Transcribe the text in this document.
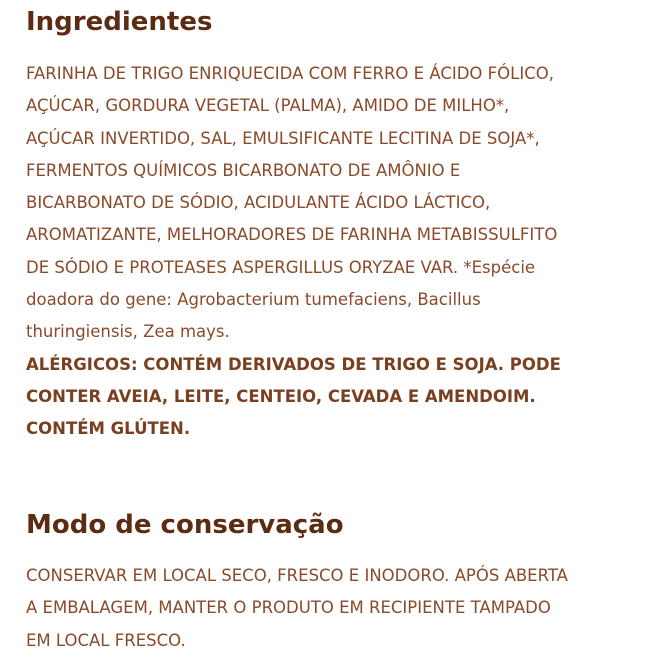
Ingredientes
FARINHA DE TRIGO ENRIQUECIDA COM FERRO E ÁCIDO FÓLICO,
AÇÚCAR, GORDURA VEGETAL (PALMA), AMIDO DE MILHO*,
AÇÚCAR INVERTIDO, SAL, EMULSIFICANTE LECITINA DE SOJA*,
FERMENTOS QUÍMICOS BICARBONATO DE AMÔNIO E
BICARBONATO DE SÓDIO, ACIDULANTE ÁCIDO LÁCTICO,
AROMATIZANTE, MELHORADORES DE FARINHA METABISSULFITO
DE SÓDIO E PROTEASES ASPERGILLUS ORYZAE VAR. *Espécie
doadora do gene: Agrobacterium tumefaciens, Bacillus
thuringiensis, Zea mays.
ALÉRGICOS: CONTÉM DERIVADOS DE TRIGO E SOJA. PODE
CONTER AVEIA, LEITE, CENTEIO, CEVADA E AMENDOIM.
CONTÉM GLÚTEN.
Modo de conservação
CONSERVAR EM LOCAL SECO, FRESCO E INODORO. APÓS ABERTA
A EMBALAGEM, MANTER O PRODUTO EM RECIPIENTE TAMPADO
EM LOCAL FRESCO.
